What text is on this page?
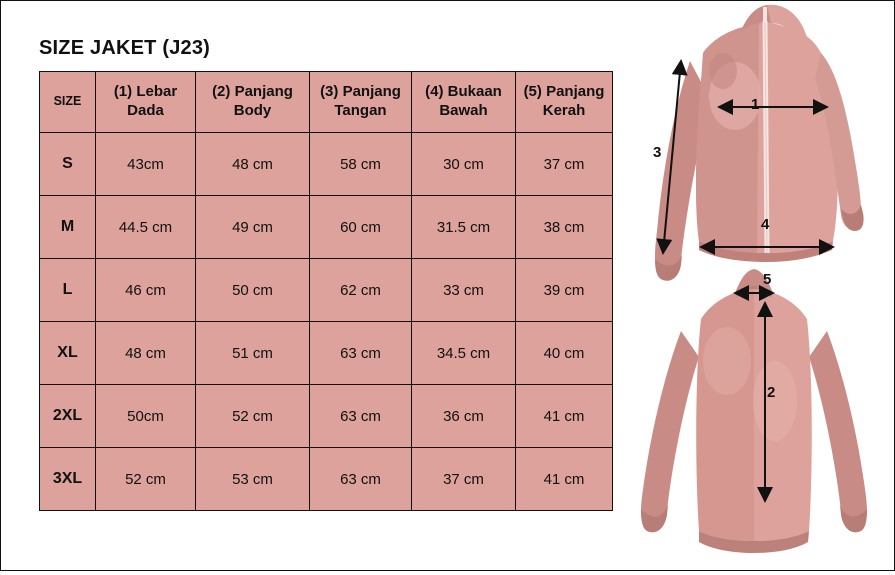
SIZE JAKET (J23)
SIZE	(1) Lebar Dada	(2) Panjang Body	(3) Panjang Tangan	(4) Bukaan Bawah	(5) Panjang Kerah
S	43cm	48 cm	58 cm	30 cm	37 cm
M	44.5 cm	49 cm	60 cm	31.5 cm	38 cm
L	46 cm	50 cm	62 cm	33 cm	39 cm
XL	48 cm	51 cm	63 cm	34.5 cm	40 cm
2XL	50cm	52 cm	63 cm	36 cm	41 cm
3XL	52 cm	53 cm	63 cm	37 cm	41 cm
1
3
4
5
2
